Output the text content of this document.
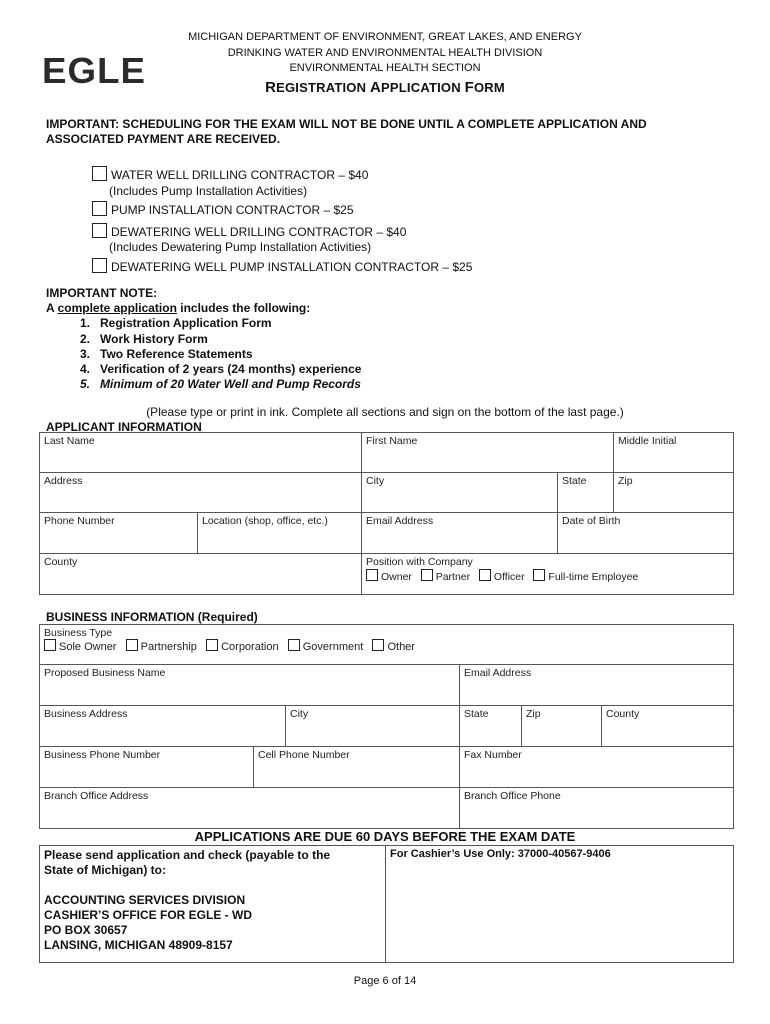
MICHIGAN DEPARTMENT OF ENVIRONMENT, GREAT LAKES, AND ENERGY
DRINKING WATER AND ENVIRONMENTAL HEALTH DIVISION
ENVIRONMENTAL HEALTH SECTION
EGLE	REGISTRATION APPLICATION FORM
IMPORTANT: SCHEDULING FOR THE EXAM WILL NOT BE DONE UNTIL A COMPLETE APPLICATION AND
ASSOCIATED PAYMENT ARE RECEIVED.
WATER WELL DRILLING CONTRACTOR – $40
(Includes Pump Installation Activities)
PUMP INSTALLATION CONTRACTOR – $25
DEWATERING WELL DRILLING CONTRACTOR – $40
(Includes Dewatering Pump Installation Activities)
DEWATERING WELL PUMP INSTALLATION CONTRACTOR – $25
IMPORTANT NOTE:
A complete application includes the following:
1. Registration Application Form
2. Work History Form
3. Two Reference Statements
4. Verification of 2 years (24 months) experience
5. Minimum of 20 Water Well and Pump Records
(Please type or print in ink. Complete all sections and sign on the bottom of the last page.)
APPLICANT INFORMATION
Last Name		First Name		Middle Initial
Address		City	State	Zip
Phone Number	Location (shop, office, etc.)	Email Address	Date of Birth	
County		Position with Company
Owner Partner Officer Full-time Employee		
BUSINESS INFORMATION (Required)
Business Type
Sole Owner Partnership Corporation Government Other					

Proposed Business Name			Email Address		
Business Address		City	State	Zip	County
Business Phone Number	Cell Phone Number		Fax Number		
Branch Office Address			Branch Office Phone		
APPLICATIONS ARE DUE 60 DAYS BEFORE THE EXAM DATE
Please send application and check (payable to the
State of Michigan) to:
ACCOUNTING SERVICES DIVISION
CASHIER’S OFFICE FOR EGLE - WD
PO BOX 30657
LANSING, MICHIGAN 48909-8157
	For Cashier’s Use Only: 37000-40567-9406
Page 6 of 14
